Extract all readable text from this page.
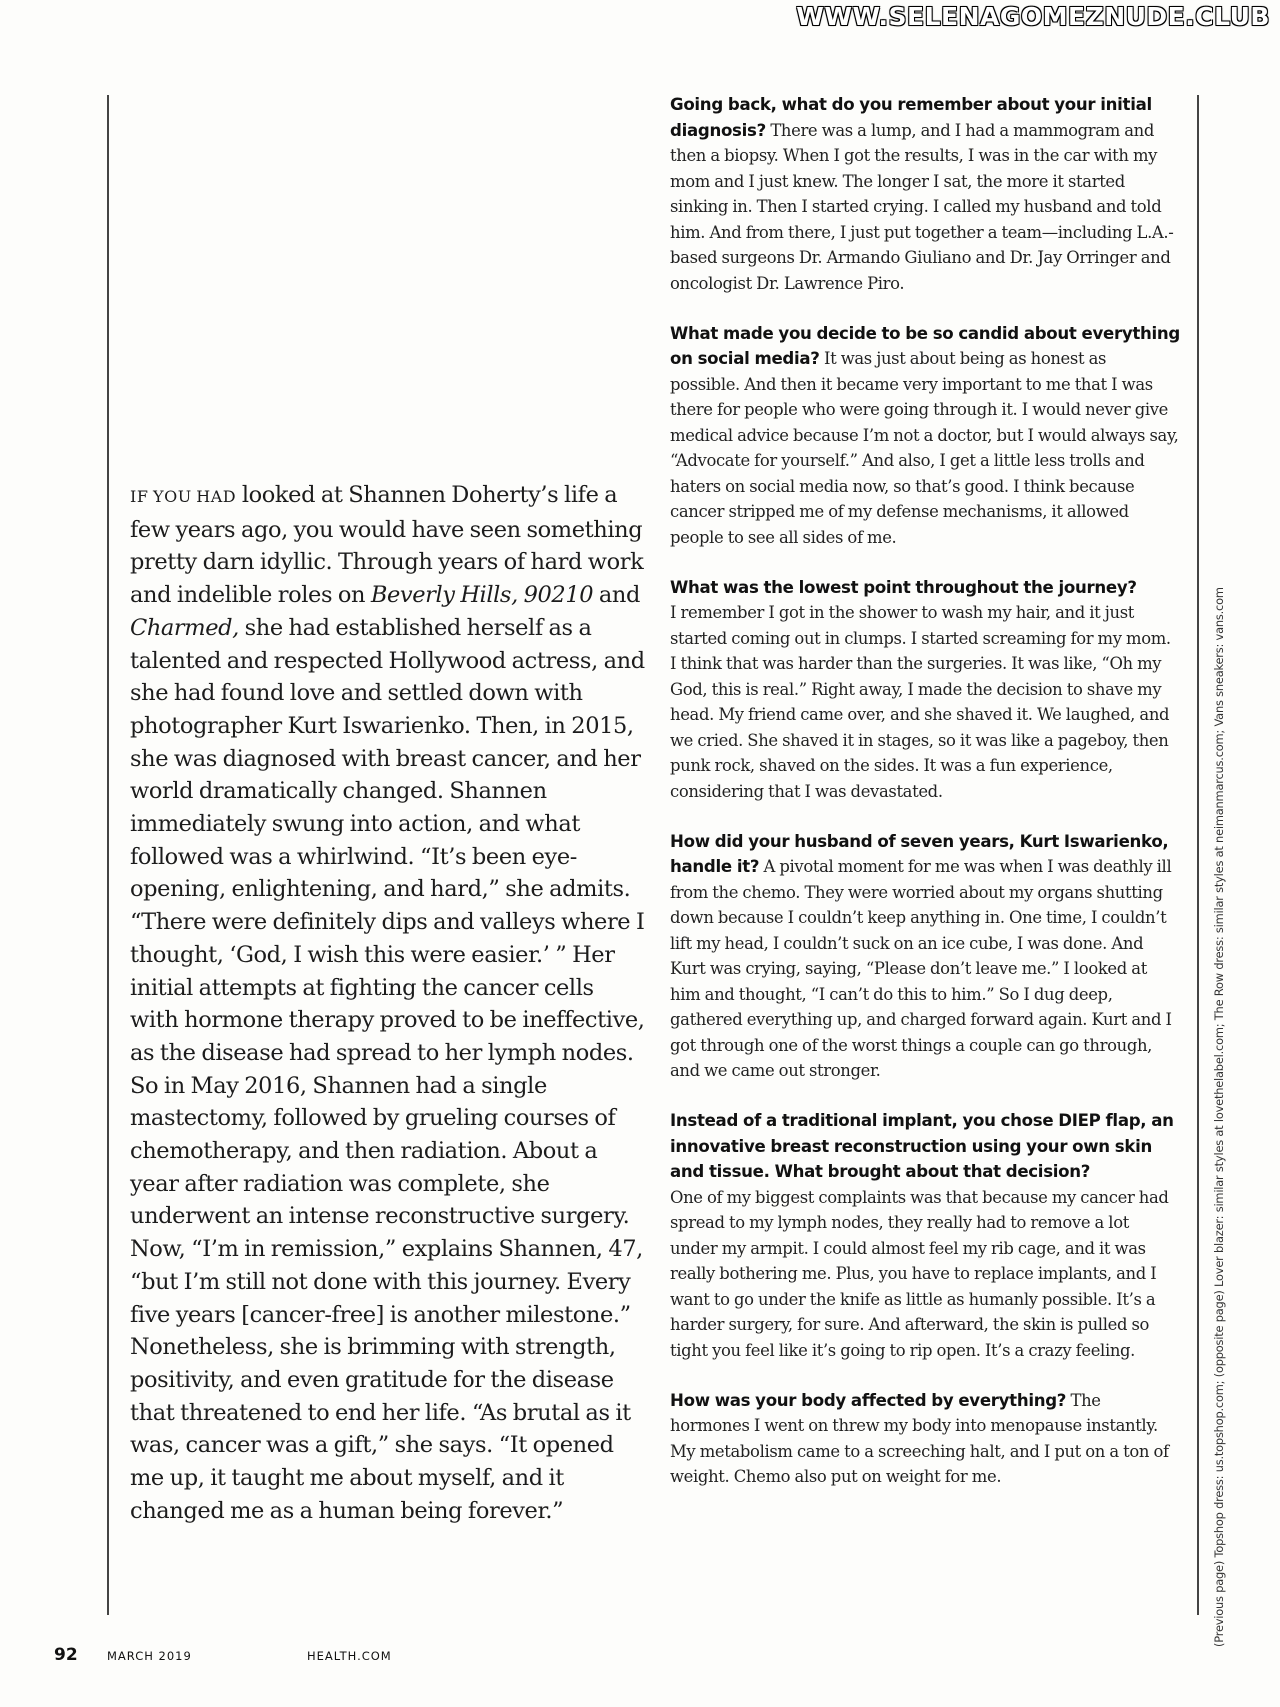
WWW.SELENAGOMEZNUDE.CLUB
IF YOU HAD looked at Shannen Doherty’s life a few years ago, you would have seen something pretty darn idyllic. Through years of hard work and indelible roles on Beverly Hills, 90210 and Charmed, she had established herself as a talented and respected Hollywood actress, and she had found love and settled down with photographer Kurt Iswarienko. Then, in 2015, she was diagnosed with breast cancer, and her world dramatically changed. Shannen immediately swung into action, and what followed was a whirlwind. “It’s been eye-opening, enlightening, and hard,” she admits. “There were definitely dips and valleys where I thought, ‘God, I wish this were easier.’ ” Her initial attempts at fighting the cancer cells with hormone therapy proved to be ineffective, as the disease had spread to her lymph nodes. So in May 2016, Shannen had a single mastectomy, followed by grueling courses of chemotherapy, and then radiation. About a year after radiation was complete, she underwent an intense reconstructive surgery. Now, “I’m in remission,” explains Shannen, 47, “but I’m still not done with this journey. Every five years [cancer-free] is another milestone.” Nonetheless, she is brimming with strength, positivity, and even gratitude for the disease that threatened to end her life. “As brutal as it was, cancer was a gift,” she says. “It opened me up, it taught me about myself, and it changed me as a human being forever.”
Going back, what do you remember about your initial diagnosis? There was a lump, and I had a mammogram and then a biopsy. When I got the results, I was in the car with my mom and I just knew. The longer I sat, the more it started sinking in. Then I started crying. I called my husband and told him. And from there, I just put together a team—including L.A.-based surgeons Dr. Armando Giuliano and Dr. Jay Orringer and oncologist Dr. Lawrence Piro.
What made you decide to be so candid about everything on social media? It was just about being as honest as possible. And then it became very important to me that I was there for people who were going through it. I would never give medical advice because I’m not a doctor, but I would always say, “Advocate for yourself.” And also, I get a little less trolls and haters on social media now, so that’s good. I think because cancer stripped me of my defense mechanisms, it allowed people to see all sides of me.
What was the lowest point throughout the journey?
I remember I got in the shower to wash my hair, and it just started coming out in clumps. I started screaming for my mom. I think that was harder than the surgeries. It was like, “Oh my God, this is real.” Right away, I made the decision to shave my head. My friend came over, and she shaved it. We laughed, and we cried. She shaved it in stages, so it was like a pageboy, then punk rock, shaved on the sides. It was a fun experience, considering that I was devastated.
How did your husband of seven years, Kurt Iswarienko, handle it? A pivotal moment for me was when I was deathly ill from the chemo. They were worried about my organs shutting down because I couldn’t keep anything in. One time, I couldn’t lift my head, I couldn’t suck on an ice cube, I was done. And Kurt was crying, saying, “Please don’t leave me.” I looked at him and thought, “I can’t do this to him.” So I dug deep, gathered everything up, and charged forward again. Kurt and I got through one of the worst things a couple can go through, and we came out stronger.
Instead of a traditional implant, you chose DIEP flap, an innovative breast reconstruction using your own skin and tissue. What brought about that decision?
One of my biggest complaints was that because my cancer had spread to my lymph nodes, they really had to remove a lot under my armpit. I could almost feel my rib cage, and it was really bothering me. Plus, you have to replace implants, and I want to go under the knife as little as humanly possible. It’s a harder surgery, for sure. And afterward, the skin is pulled so tight you feel like it’s going to rip open. It’s a crazy feeling.
How was your body affected by everything? The hormones I went on threw my body into menopause instantly. My metabolism came to a screeching halt, and I put on a ton of weight. Chemo also put on weight for me.	(Previous page) Topshop dress: us.topshop.com; (opposite page) Lover blazer: similar styles at lovethelabel.com; The Row dress: similar styles at neimanmarcus.com; Vans sneakers: vans.com
92	MARCH 2019	HEALTH.COM
